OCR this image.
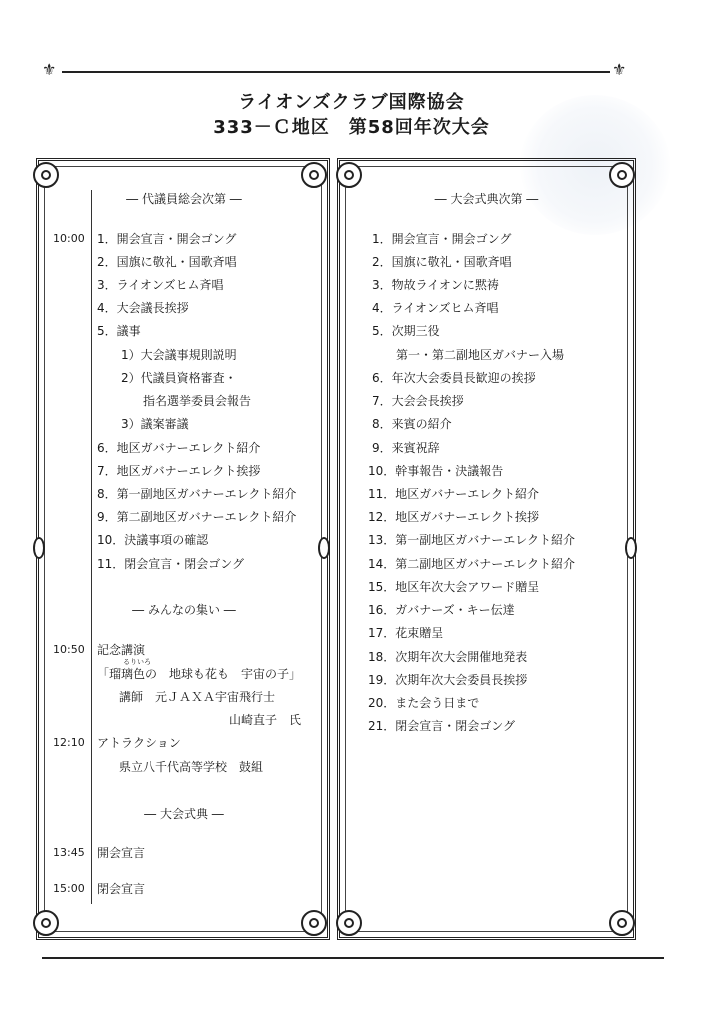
⚜	⚜
ライオンズクラブ国際協会
333－Ｃ地区　第58回年次大会
― 代議員総会次第 ―
10:00 1．開会宣言・開会ゴング
2．国旗に敬礼・国歌斉唱
3．ライオンズヒム斉唱
4．大会議長挨拶
5．議事
1）大会議事規則説明
2）代議員資格審査・
指名選挙委員会報告
3）議案審議
6．地区ガバナーエレクト紹介
7．地区ガバナーエレクト挨拶
8．第一副地区ガバナーエレクト紹介
9．第二副地区ガバナーエレクト紹介
10．決議事項の確認
11．閉会宣言・閉会ゴング
― みんなの集い ―
10:50 記念講演
るりいろ
「瑠璃色の　地球も花も　宇宙の子」
講師　元ＪＡＸＡ宇宙飛行士
山崎直子　氏
12:10 アトラクション
県立八千代高等学校　鼓組
― 大会式典 ―
13:45 開会宣言
15:00 閉会宣言
― 大会式典次第 ―
1．開会宣言・開会ゴング
2．国旗に敬礼・国歌斉唱
3．物故ライオンに黙祷
4．ライオンズヒム斉唱
5．次期三役
第一・第二副地区ガバナー入場
6．年次大会委員長歓迎の挨拶
7．大会会長挨拶
8．来賓の紹介
9．来賓祝辞
10．幹事報告・決議報告
11．地区ガバナーエレクト紹介
12．地区ガバナーエレクト挨拶
13．第一副地区ガバナーエレクト紹介
14．第二副地区ガバナーエレクト紹介
15．地区年次大会アワード贈呈
16．ガバナーズ・キー伝達
17．花束贈呈
18．次期年次大会開催地発表
19．次期年次大会委員長挨拶
20．また会う日まで
21．閉会宣言・閉会ゴング
